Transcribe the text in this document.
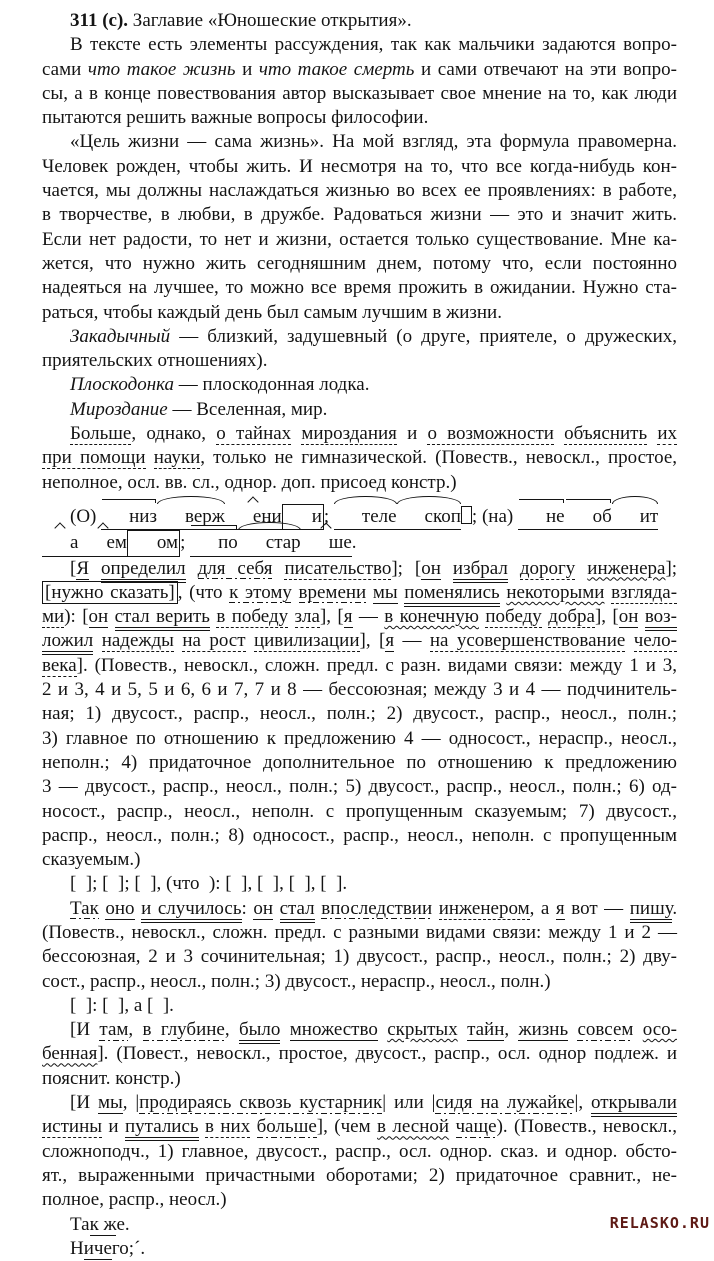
311 (с). Заглавие «Юношеские открытия».
В тексте есть элементы рассуждения, так как мальчики задаются вопро-
сами что такое жизнь и что такое смерть и сами отвечают на эти вопро-
сы, а в конце повествования автор высказывает свое мнение на то, как люди
пытаются решить важные вопросы философии.
«Цель жизни — сама жизнь». На мой взгляд, эта формула правомерна.
Человек рожден, чтобы жить. И несмотря на то, что все когда-нибудь кон-
чается, мы должны наслаждаться жизнью во всех ее проявлениях: в работе,
в творчестве, в любви, в дружбе. Радоваться жизни — это и значит жить.
Если нет радости, то нет и жизни, остается только существование. Мне ка-
жется, что нужно жить сегодняшним днем, потому что, если постоянно
надеяться на лучшее, то можно все время прожить в ожидании. Нужно ста-
раться, чтобы каждый день был самым лучшим в жизни.
Закадычный — близкий, задушевный (о друге, приятеле, о дружеских,
приятельских отношениях).
Плоскодонка — плоскодонная лодка.
Мироздание — Вселенная, мир.
Больше, однако, о тайнах мироздания и о возможности объяснить их
при помощи науки, только не гимназической. (Повеств., невоскл., простое,
неполное, осл. вв. сл., однор. доп. присоед констр.)
(О) низ верж ени и ; теле скоп ; (на) не об ита ем ом ; по стар ше.
[Я определил для себя писательство]; [он избрал дорогу инженера];
[нужно сказать] , (что к этому времени мы поменялись некоторыми взгляда-
ми): [он стал верить в победу зла], [я — в конечную победу добра], [он воз-
ложил надежды на рост цивилизации], [я — на усовершенствование чело-
века]. (Повеств., невоскл., сложн. предл. с разн. видами связи: между 1 и 3,
2 и 3, 4 и 5, 5 и 6, 6 и 7, 7 и 8 — бессоюзная; между 3 и 4 — подчинитель-
ная; 1) двусост., распр., неосл., полн.; 2) двусост., распр., неосл., полн.;
3) главное по отношению к предложению 4 — односост., нераспр., неосл.,
неполн.; 4) придаточное дополнительное по отношению к предложению
3 — двусост., распр., неосл., полн.; 5) двусост., распр., неосл., полн.; 6) од-
носост., распр., неосл., неполн. с пропущенным сказуемым; 7) двусост.,
распр., неосл., полн.; 8) односост., распр., неосл., неполн. с пропущенным
сказуемым.)
[  ]; [  ]; [  ], (что  ): [  ], [  ], [  ], [  ].
Так оно и случилось: он стал впоследствии инженером, а я вот — пишу.
(Повеств., невоскл., сложн. предл. с разными видами связи: между 1 и 2 —
бессоюзная, 2 и 3 сочинительная; 1) двусост., распр., неосл., полн.; 2) дву-
сост., распр., неосл., полн.; 3) двусост., нераспр., неосл., полн.)
[  ]: [  ], а [  ].
[И там, в глубине, было множество скрытых тайн, жизнь совсем осо-
бенная]. (Повест., невоскл., простое, двусост., распр., осл. однор подлеж. и
пояснит. констр.)
[И мы, |продираясь сквозь кустарник| или |сидя на лужайке|, открывали
истины и путались в них больше], (чем в лесной чаще). (Повеств., невоскл.,
сложноподч., 1) главное, двусост., распр., осл. однор. сказ. и однор. обсто-
ят., выраженными причастными оборотами; 2) придаточное сравнит., не-
полное, распр., неосл.)
Так же.
Ничего;´.
RELASKO.RU
